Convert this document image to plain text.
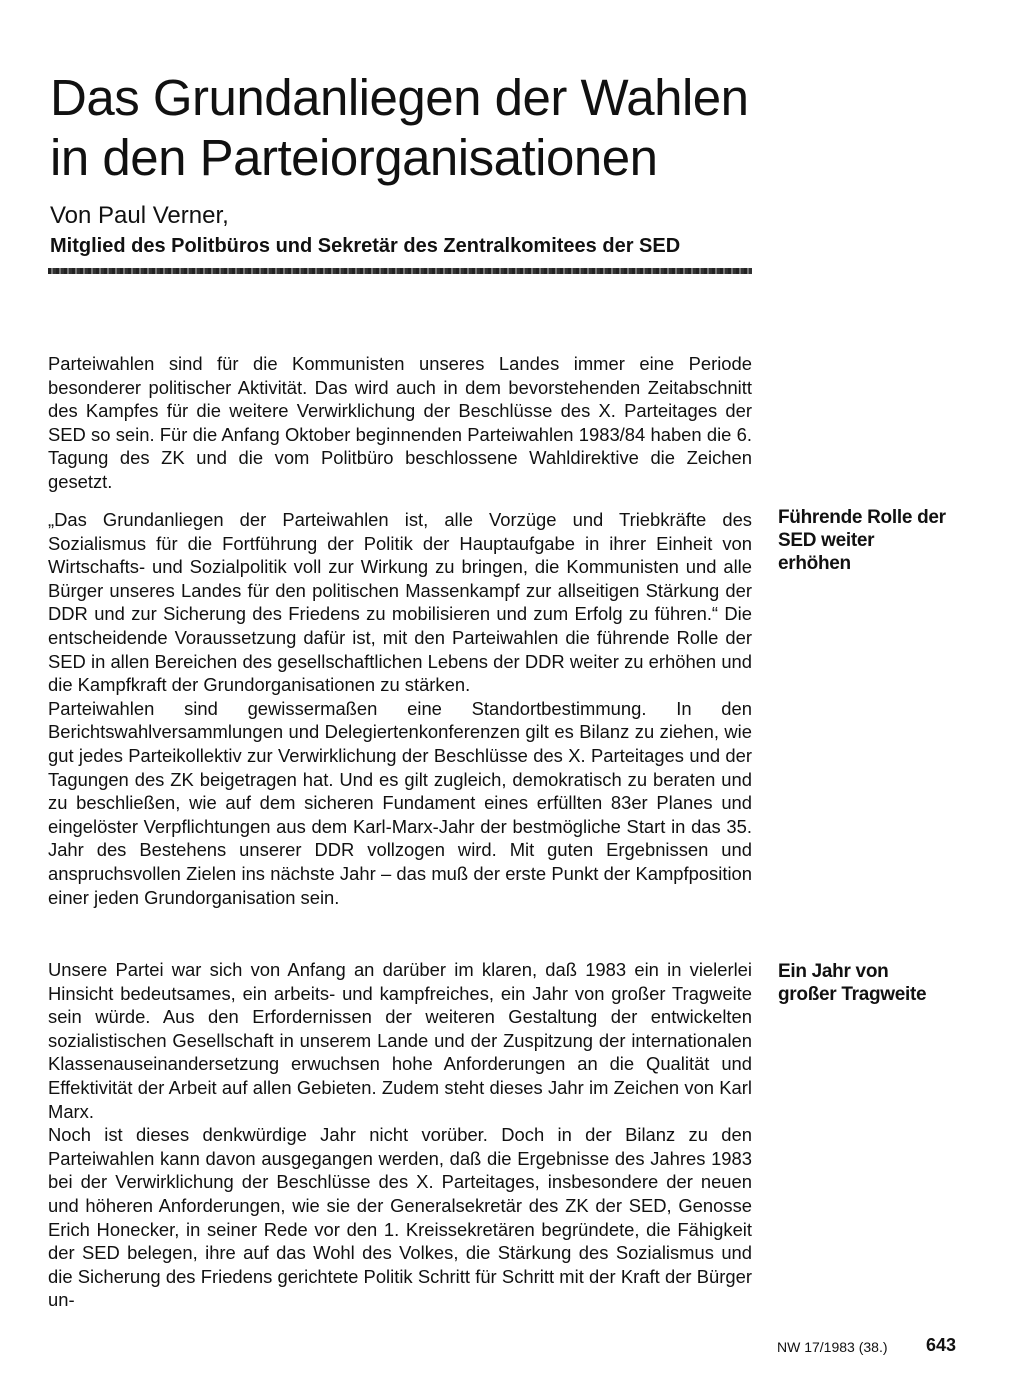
Das Grundanliegen der Wahlen
in den Parteiorganisationen

Von Paul Verner,

Mitglied des Politbüros und Sekretär des Zentralkomitees der SED

Parteiwahlen sind für die Kommunisten unseres Landes immer eine Periode besonderer politischer Aktivität. Das wird auch in dem bevorstehenden Zeitabschnitt des Kampfes für die weitere Verwirklichung der Beschlüsse des X. Parteitages der SED so sein. Für die Anfang Oktober beginnenden Parteiwahlen 1983/84 haben die 6. Tagung des ZK und die vom Politbüro beschlossene Wahldirektive die Zeichen gesetzt.

„Das Grundanliegen der Parteiwahlen ist, alle Vorzüge und Triebkräfte des Sozialismus für die Fortführung der Politik der Hauptaufgabe in ihrer Einheit von Wirtschafts- und Sozialpolitik voll zur Wirkung zu bringen, die Kommunisten und alle Bürger unseres Landes für den politischen Massenkampf zur allseitigen Stärkung der DDR und zur Sicherung des Friedens zu mobilisieren und zum Erfolg zu führen.“ Die entscheidende Voraussetzung dafür ist, mit den Parteiwahlen die führende Rolle der SED in allen Bereichen des gesellschaftlichen Lebens der DDR weiter zu erhöhen und die Kampfkraft der Grundorganisationen zu stärken.

Parteiwahlen sind gewissermaßen eine Standortbestimmung. In den Berichtswahlversammlungen und Delegiertenkonferenzen gilt es Bilanz zu ziehen, wie gut jedes Parteikollektiv zur Verwirklichung der Beschlüsse des X. Parteitages und der Tagungen des ZK beigetragen hat. Und es gilt zugleich, demokratisch zu beraten und zu beschließen, wie auf dem sicheren Fundament eines erfüllten 83er Planes und eingelöster Verpflichtungen aus dem Karl-Marx-Jahr der bestmögliche Start in das 35. Jahr des Bestehens unserer DDR vollzogen wird. Mit guten Ergebnissen und anspruchsvollen Zielen ins nächste Jahr – das muß der erste Punkt der Kampfposition einer jeden Grundorganisation sein.

Unsere Partei war sich von Anfang an darüber im klaren, daß 1983 ein in vielerlei Hinsicht bedeutsames, ein arbeits- und kampfreiches, ein Jahr von großer Tragweite sein würde. Aus den Erfordernissen der weiteren Gestaltung der entwickelten sozialistischen Gesellschaft in unserem Lande und der Zuspitzung der internationalen Klassenauseinandersetzung erwuchsen hohe Anforderungen an die Qualität und Effektivität der Arbeit auf allen Gebieten. Zudem steht dieses Jahr im Zeichen von Karl Marx.

Noch ist dieses denkwürdige Jahr nicht vorüber. Doch in der Bilanz zu den Parteiwahlen kann davon ausgegangen werden, daß die Ergebnisse des Jahres 1983 bei der Verwirklichung der Beschlüsse des X. Parteitages, insbesondere der neuen und höheren Anforderungen, wie sie der Generalsekretär des ZK der SED, Genosse Erich Honecker, in seiner Rede vor den 1. Kreissekretären begründete, die Fähigkeit der SED belegen, ihre auf das Wohl des Volkes, die Stärkung des Sozialismus und die Sicherung des Friedens gerichtete Politik Schritt für Schritt mit der Kraft der Bürger un-

Führende Rolle der SED weiter erhöhen
Ein Jahr von großer Tragweite
NW 17/1983 (38.) 643
